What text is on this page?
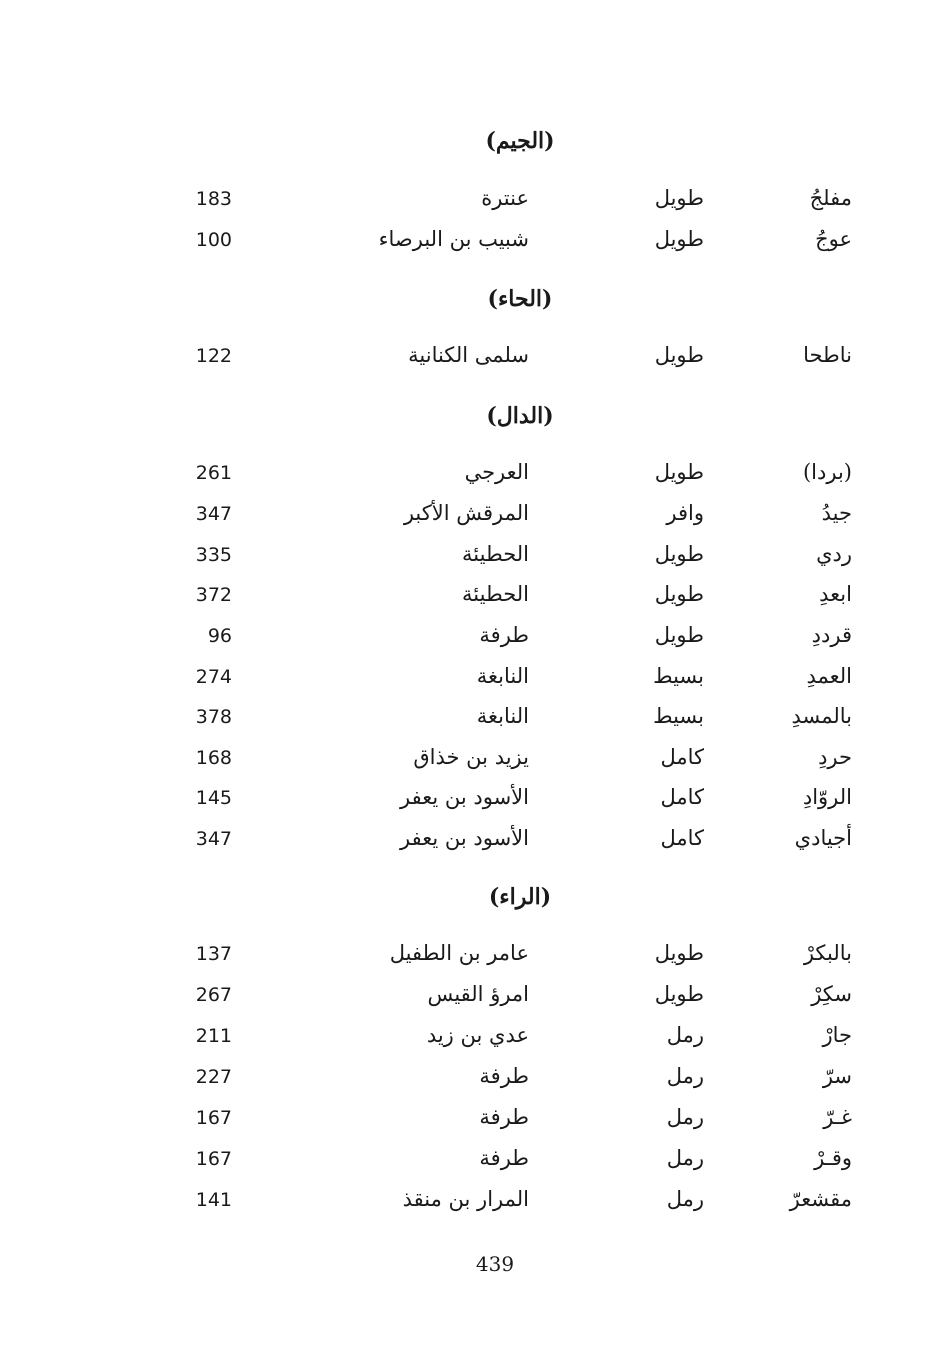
(الجيم)
مفلجُ
طويل
عنترة
183
عوجُ
طويل
شبيب بن البرصاء
100
(الحاء)
ناطحا
طويل
سلمى الكنانية
122
(الدال)
(بردا)
طويل
العرجي
261
جيدُ
وافر
المرقش الأكبر
347
ردي
طويل
الحطيئة
335
ابعدِ
طويل
الحطيئة
372
قرددِ
طويل
طرفة
96
العمدِ
بسيط
النابغة
274
بالمسدِ
بسيط
النابغة
378
حردِ
كامل
يزيد بن خذاق
168
الروّادِ
كامل
الأسود بن يعفر
145
أجيادي
كامل
الأسود بن يعفر
347
(الراء)
بالبكرْ
طويل
عامر بن الطفيل
137
سكِرْ
طويل
امرؤ القيس
267
جارْ
رمل
عدي بن زيد
211
سرّ
رمل
طرفة
227
غـرّ
رمل
طرفة
167
وقـرْ
رمل
طرفة
167
مقشعرّ
رمل
المرار بن منقذ
141
439
